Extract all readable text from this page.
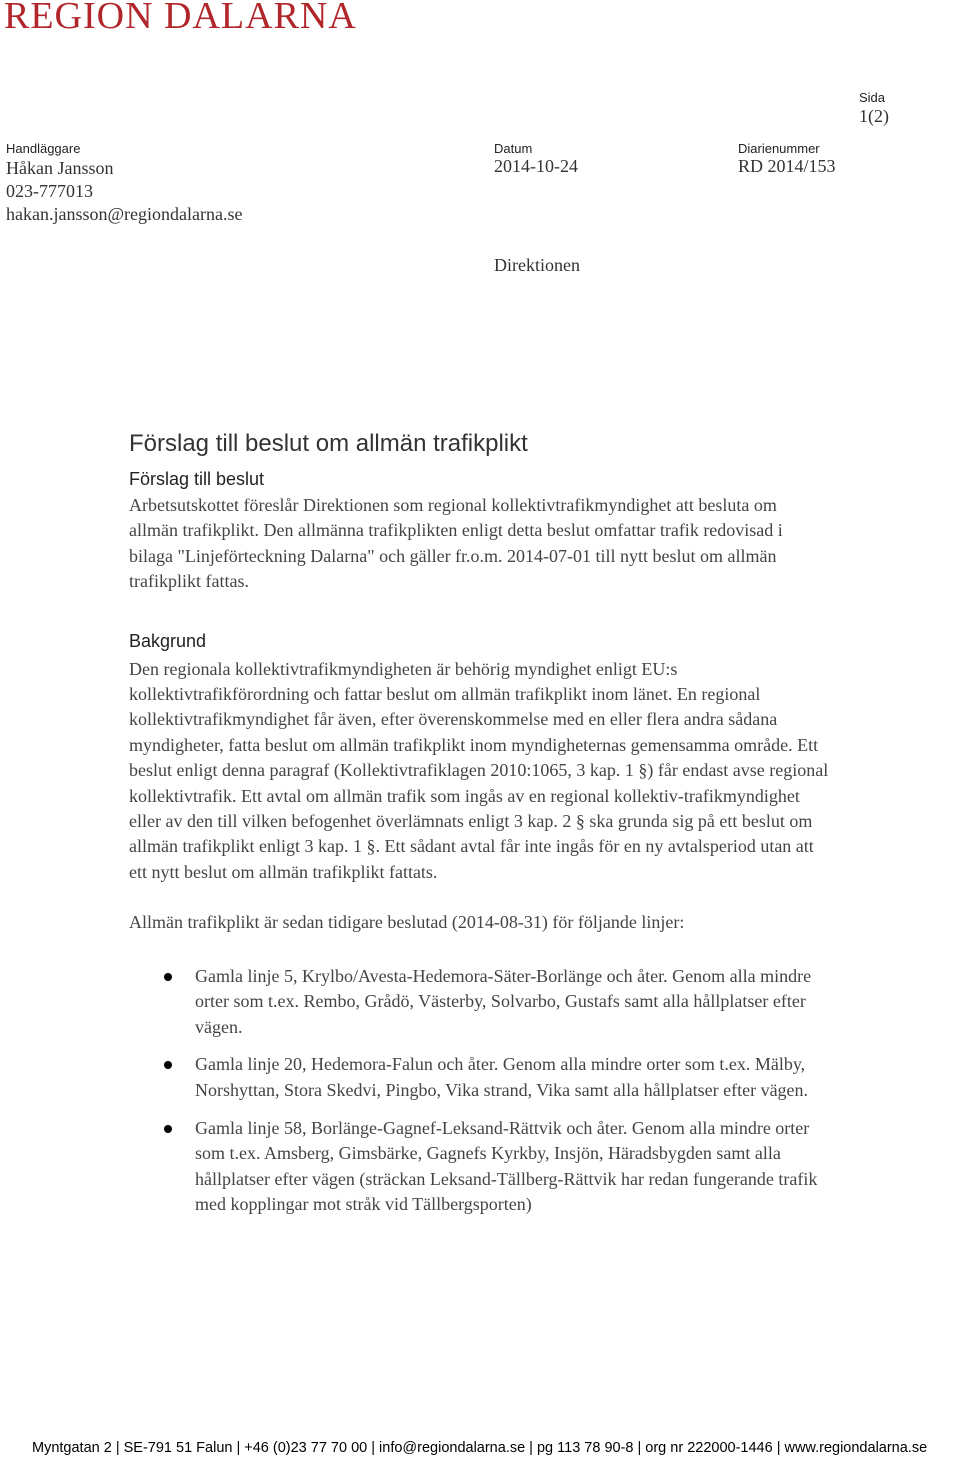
REGION DALARNA
Sida
1(2)
Handläggare
Håkan Jansson
023-777013
hakan.jansson@regiondalarna.se
Datum
2014-10-24
Diarienummer
RD 2014/153
Direktionen
Förslag till beslut om allmän trafikplikt
Förslag till beslut

Arbetsutskottet föreslår Direktionen som regional kollektivtrafikmyndighet att besluta om allmän trafikplikt. Den allmänna trafikplikten enligt detta beslut omfattar trafik redovisad i bilaga "Linjeförteckning Dalarna" och gäller fr.o.m. 2014-07-01 till nytt beslut om allmän trafikplikt fattas.

Bakgrund

Den regionala kollektivtrafikmyndigheten är behörig myndighet enligt EU:s kollektivtrafikförordning och fattar beslut om allmän trafikplikt inom länet. En regional kollektivtrafikmyndighet får även, efter överenskommelse med en eller flera andra sådana myndigheter, fatta beslut om allmän trafikplikt inom myndigheternas gemensamma område. Ett beslut enligt denna paragraf (Kollektivtrafiklagen 2010:1065, 3 kap. 1 §) får endast avse regional kollektivtrafik. Ett avtal om allmän trafik som ingås av en regional kollektiv-trafikmyndighet eller av den till vilken befogenhet överlämnats enligt 3 kap. 2 § ska grunda sig på ett beslut om allmän trafikplikt enligt 3 kap. 1 §. Ett sådant avtal får inte ingås för en ny avtalsperiod utan att ett nytt beslut om allmän trafikplikt fattats.

Allmän trafikplikt är sedan tidigare beslutad (2014-08-31) för följande linjer:

Gamla linje 5, Krylbo/Avesta-Hedemora-Säter-Borlänge och åter. Genom alla mindre orter som t.ex. Rembo, Grådö, Västerby, Solvarbo, Gustafs samt alla hållplatser efter vägen.
Gamla linje 20, Hedemora-Falun och åter. Genom alla mindre orter som t.ex. Mälby, Norshyttan, Stora Skedvi, Pingbo, Vika strand, Vika samt alla hållplatser efter vägen.
Gamla linje 58, Borlänge-Gagnef-Leksand-Rättvik och åter. Genom alla mindre orter som t.ex. Amsberg, Gimsbärke, Gagnefs Kyrkby, Insjön, Häradsbygden samt alla hållplatser efter vägen (sträckan Leksand-Tällberg-Rättvik har redan fungerande trafik med kopplingar mot stråk vid Tällbergsporten)
Myntgatan 2 | SE-791 51 Falun | +46 (0)23 77 70 00 | info@regiondalarna.se | pg 113 78 90-8 | org nr 222000-1446 | www.regiondalarna.se
